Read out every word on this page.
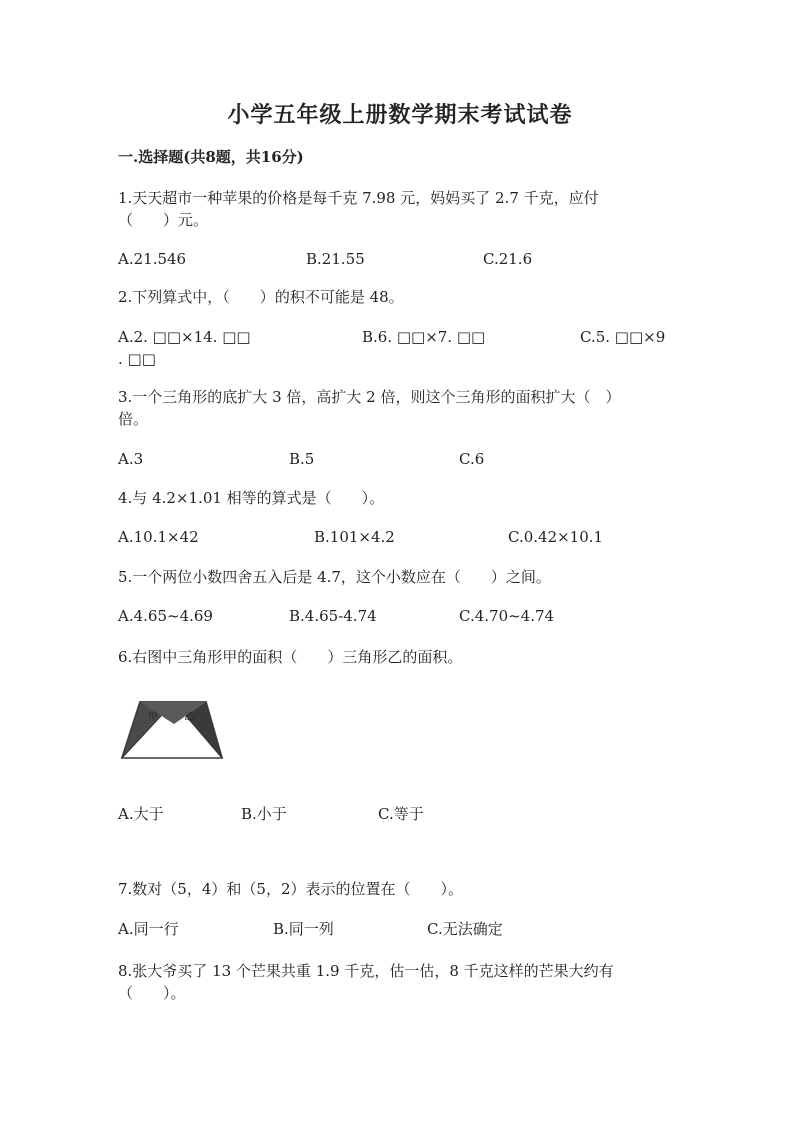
小学五年级上册数学期末考试试卷
一.选择题(共8题，共16分)
1.天天超市一种苹果的价格是每千克 7.98 元，妈妈买了 2.7 千克，应付
（　　）元。
A.21.546	B.21.55	C.21.6
2.下列算式中，（　　）的积不可能是 48。
A.2. □□×14. □□	B.6. □□×7. □□	C.5. □□×9
. □□
3.一个三角形的底扩大 3 倍，高扩大 2 倍，则这个三角形的面积扩大（　）
倍。
A.3	B.5	C.6
4.与 4.2×1.01 相等的算式是（　　）。
A.10.1×42	B.101×4.2	C.0.42×10.1
5.一个两位小数四舍五入后是 4.7，这个小数应在（　　）之间。
A.4.65~4.69	B.4.65-4.74	C.4.70~4.74
6.右图中三角形甲的面积（　　）三角形乙的面积。
甲	乙
A.大于	B.小于	C.等于
7.数对（5，4）和（5，2）表示的位置在（　　）。
A.同一行	B.同一列	C.无法确定
8.张大爷买了 13 个芒果共重 1.9 千克，估一估，8 千克这样的芒果大约有
（　　）。
